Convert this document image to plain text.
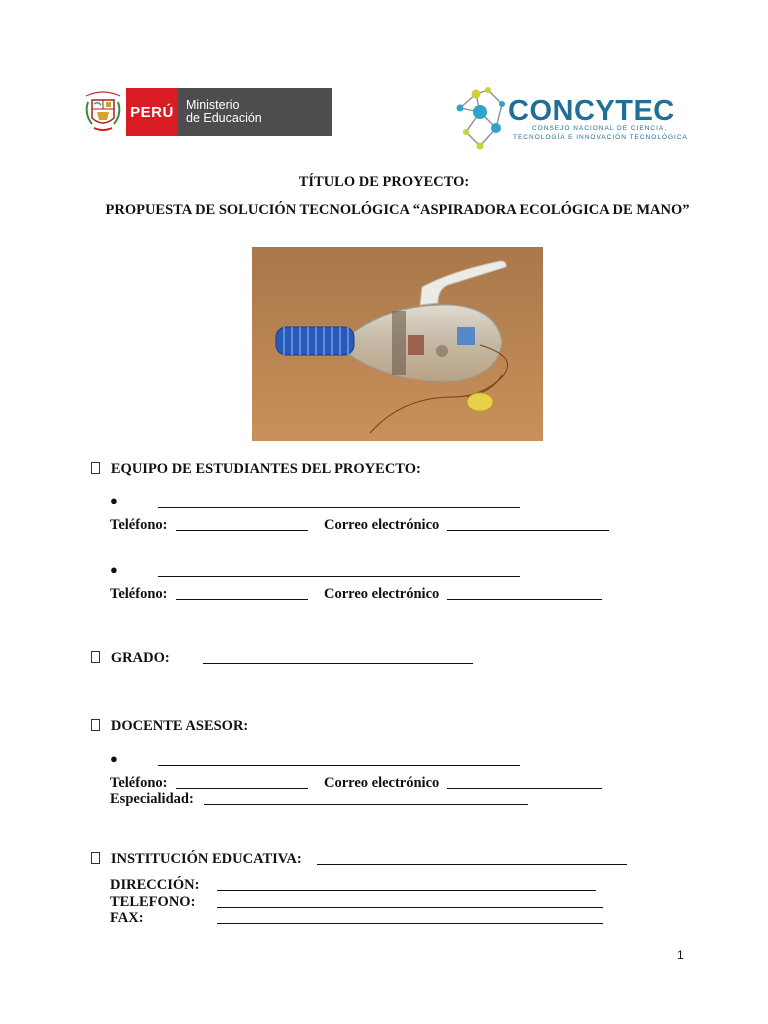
PERÚ Ministerio
de Educación	CONCYTEC
CONSEJO NACIONAL DE CIENCIA,
TECNOLOGÍA E INNOVACIÓN TECNOLÓGICA
TÍTULO DE PROYECTO:
PROPUESTA DE SOLUCIÓN TECNOLÓGICA “ASPIRADORA ECOLÓGICA DE MANO”
EQUIPO DE ESTUDIANTES DEL PROYECTO:
●
Teléfono:	Correo electrónico
●
Teléfono:	Correo electrónico
GRADO:
DOCENTE ASESOR:
●
Teléfono:	Correo electrónico
Especialidad:
INSTITUCIÓN EDUCATIVA:
DIRECCIÓN:
TELEFONO:
FAX:
1
